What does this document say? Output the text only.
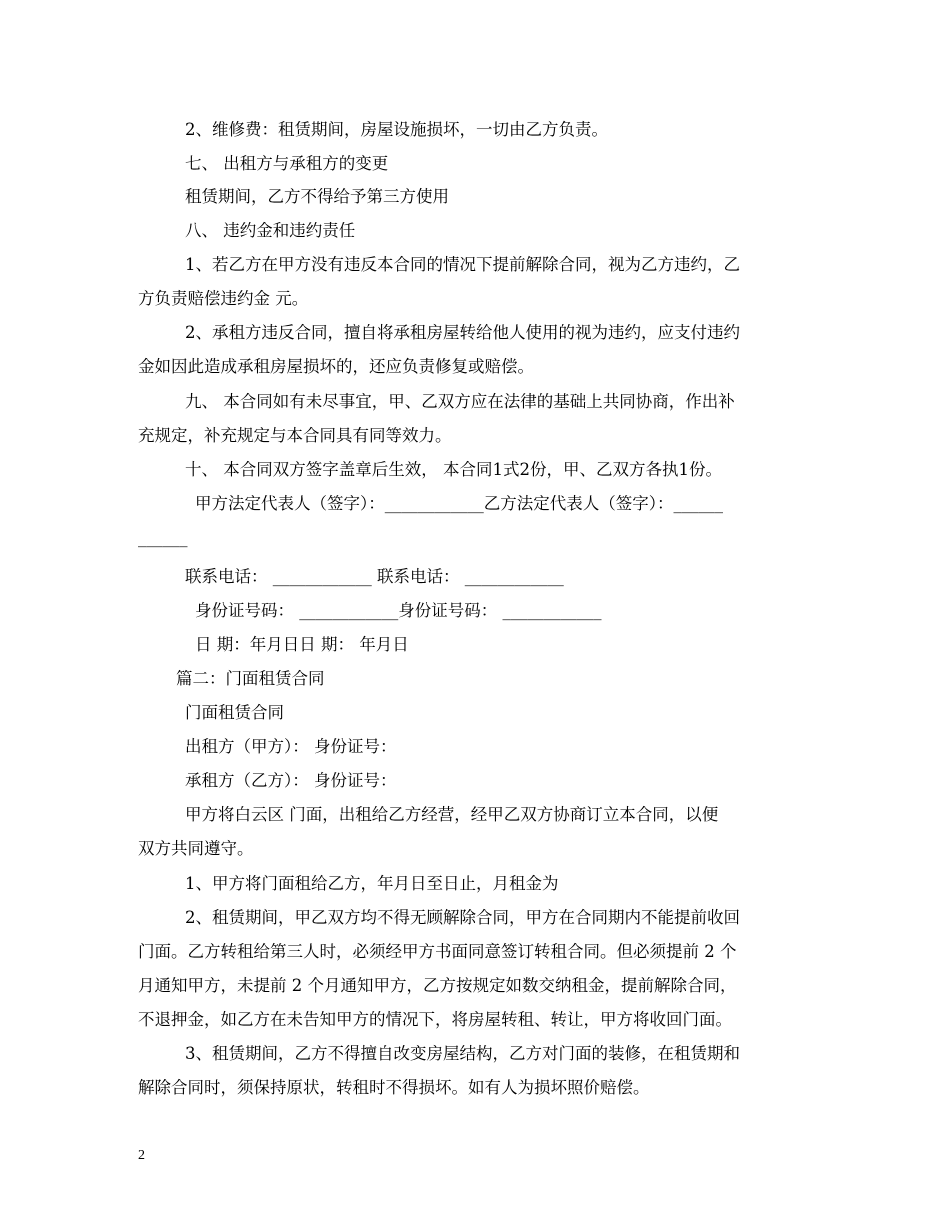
2、维修费：租赁期间，房屋设施损坏，一切由乙方负责。
七、 出租方与承租方的变更
租赁期间，乙方不得给予第三方使用
八、 违约金和违约责任
1、若乙方在甲方没有违反本合同的情况下提前解除合同，视为乙方违约，乙
方负责赔偿违约金 元。
2、承租方违反合同，擅自将承租房屋转给他人使用的视为违约，应支付违约
金如因此造成承租房屋损坏的，还应负责修复或赔偿。
九、 本合同如有未尽事宜，甲、乙双方应在法律的基础上共同协商，作出补
充规定，补充规定与本合同具有同等效力。
十、 本合同双方签字盖章后生效， 本合同1式2份，甲、乙双方各执1份。
甲方法定代表人（签字）：____________乙方法定代表人（签字）：______
______
联系电话： ____________ 联系电话： ____________
身份证号码： ____________身份证号码： ____________
日 期：年月日日 期： 年月日
篇二：门面租赁合同
门面租赁合同
出租方（甲方）： 身份证号：
承租方（乙方）： 身份证号：
甲方将白云区 门面，出租给乙方经营，经甲乙双方协商订立本合同，以便
双方共同遵守。
1、甲方将门面租给乙方，年月日至日止，月租金为
2、租赁期间，甲乙双方均不得无顾解除合同，甲方在合同期内不能提前收回
门面。乙方转租给第三人时，必须经甲方书面同意签订转租合同。但必须提前 2 个
月通知甲方，未提前 2 个月通知甲方，乙方按规定如数交纳租金，提前解除合同，
不退押金，如乙方在未告知甲方的情况下，将房屋转租、转让，甲方将收回门面。
3、租赁期间，乙方不得擅自改变房屋结构，乙方对门面的装修，在租赁期和
解除合同时，须保持原状，转租时不得损坏。如有人为损坏照价赔偿。
2
